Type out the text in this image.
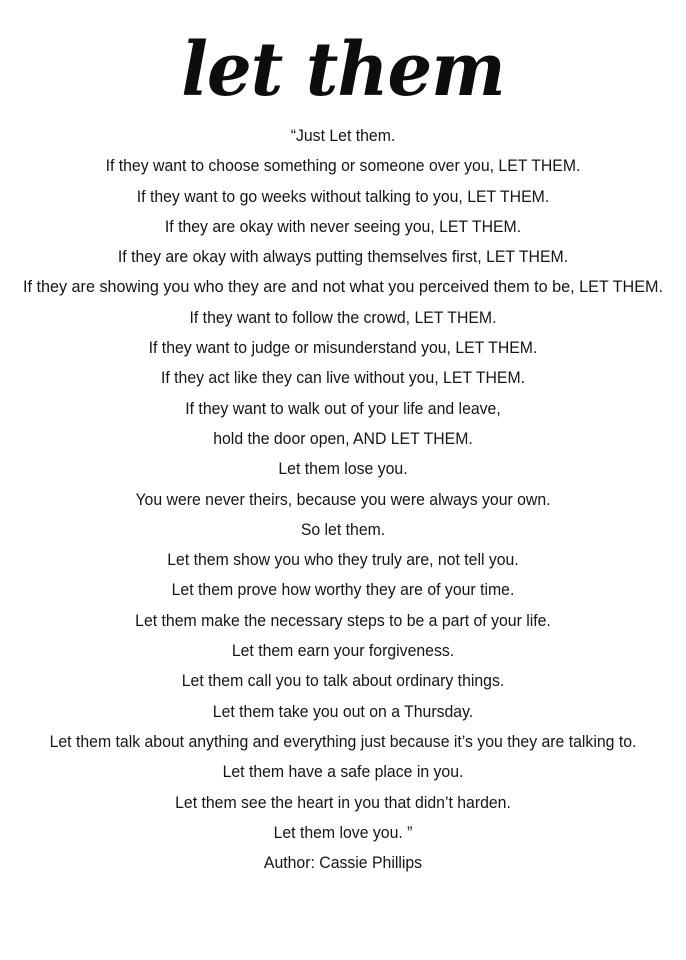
let them
“Just Let them.
If they want to choose something or someone over you, LET THEM.
If they want to go weeks without talking to you, LET THEM.
If they are okay with never seeing you, LET THEM.
If they are okay with always putting themselves first, LET THEM.
If they are showing you who they are and not what you perceived them to be, LET THEM.
If they want to follow the crowd, LET THEM.
If they want to judge or misunderstand you, LET THEM.
If they act like they can live without you, LET THEM.
If they want to walk out of your life and leave,
hold the door open, AND LET THEM.
Let them lose you.
You were never theirs, because you were always your own.
So let them.
Let them show you who they truly are, not tell you.
Let them prove how worthy they are of your time.
Let them make the necessary steps to be a part of your life.
Let them earn your forgiveness.
Let them call you to talk about ordinary things.
Let them take you out on a Thursday.
Let them talk about anything and everything just because it’s you they are talking to.
Let them have a safe place in you.
Let them see the heart in you that didn’t harden.
Let them love you. ”
Author: Cassie Phillips
